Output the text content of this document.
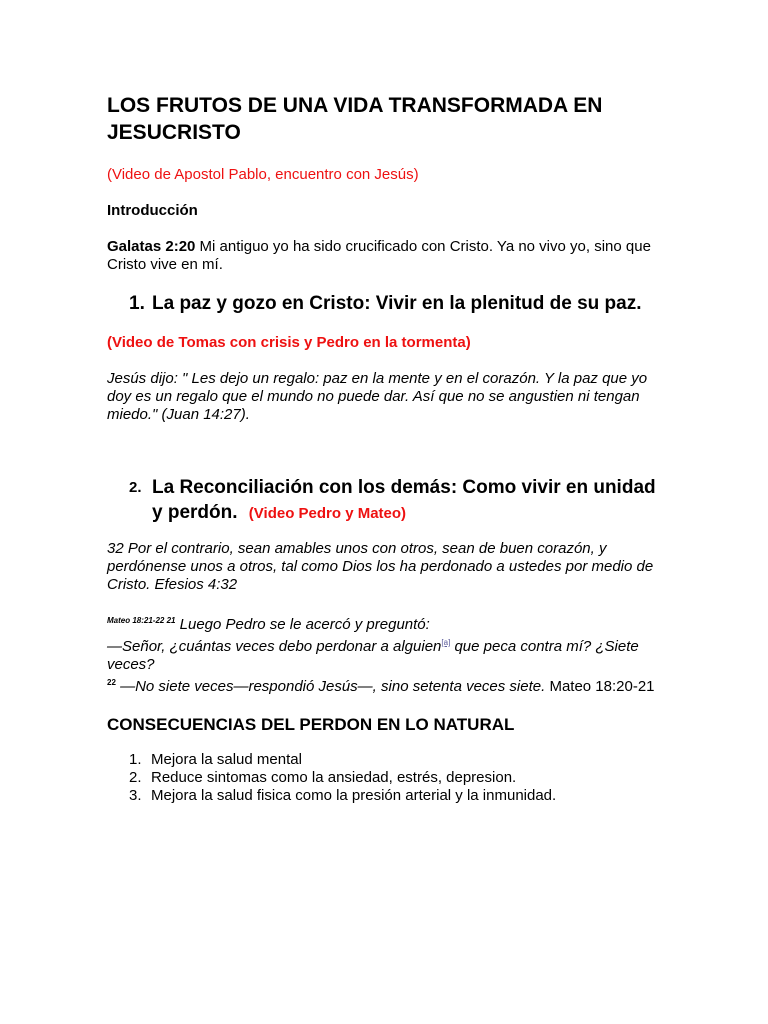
LOS FRUTOS DE UNA VIDA TRANSFORMADA EN JESUCRISTO
(Video de Apostol Pablo, encuentro con Jesús)
Introducción
Galatas 2:20 Mi antiguo yo ha sido crucificado con Cristo. Ya no vivo yo, sino que Cristo vive en mí.
1. La paz y gozo en Cristo: Vivir en la plenitud de su paz.
(Video de Tomas con crisis y Pedro en la tormenta)
Jesús dijo: " Les dejo un regalo: paz en la mente y en el corazón. Y la paz que yo doy es un regalo que el mundo no puede dar. Así que no se angustien ni tengan miedo." (Juan 14:27).
2. La Reconciliación con los demás: Como vivir en unidad y perdón. (Video Pedro y Mateo)
32 Por el contrario, sean amables unos con otros, sean de buen corazón, y perdónense unos a otros, tal como Dios los ha perdonado a ustedes por medio de Cristo. Efesios 4:32
$^{Mateo 18:21-22 21}$ Luego Pedro se le acercó y preguntó:
—Señor, ¿cuántas veces debo perdonar a alguien[a] que peca contra mí? ¿Siete veces?
$^{22}$ —No siete veces—respondió Jesús—, sino setenta veces siete. Mateo 18:20-21
CONSECUENCIAS DEL PERDON EN LO NATURAL
1. Mejora la salud mental
2. Reduce sintomas como la ansiedad, estrés, depresion.
3. Mejora la salud fisica como la presión arterial y la inmunidad.
